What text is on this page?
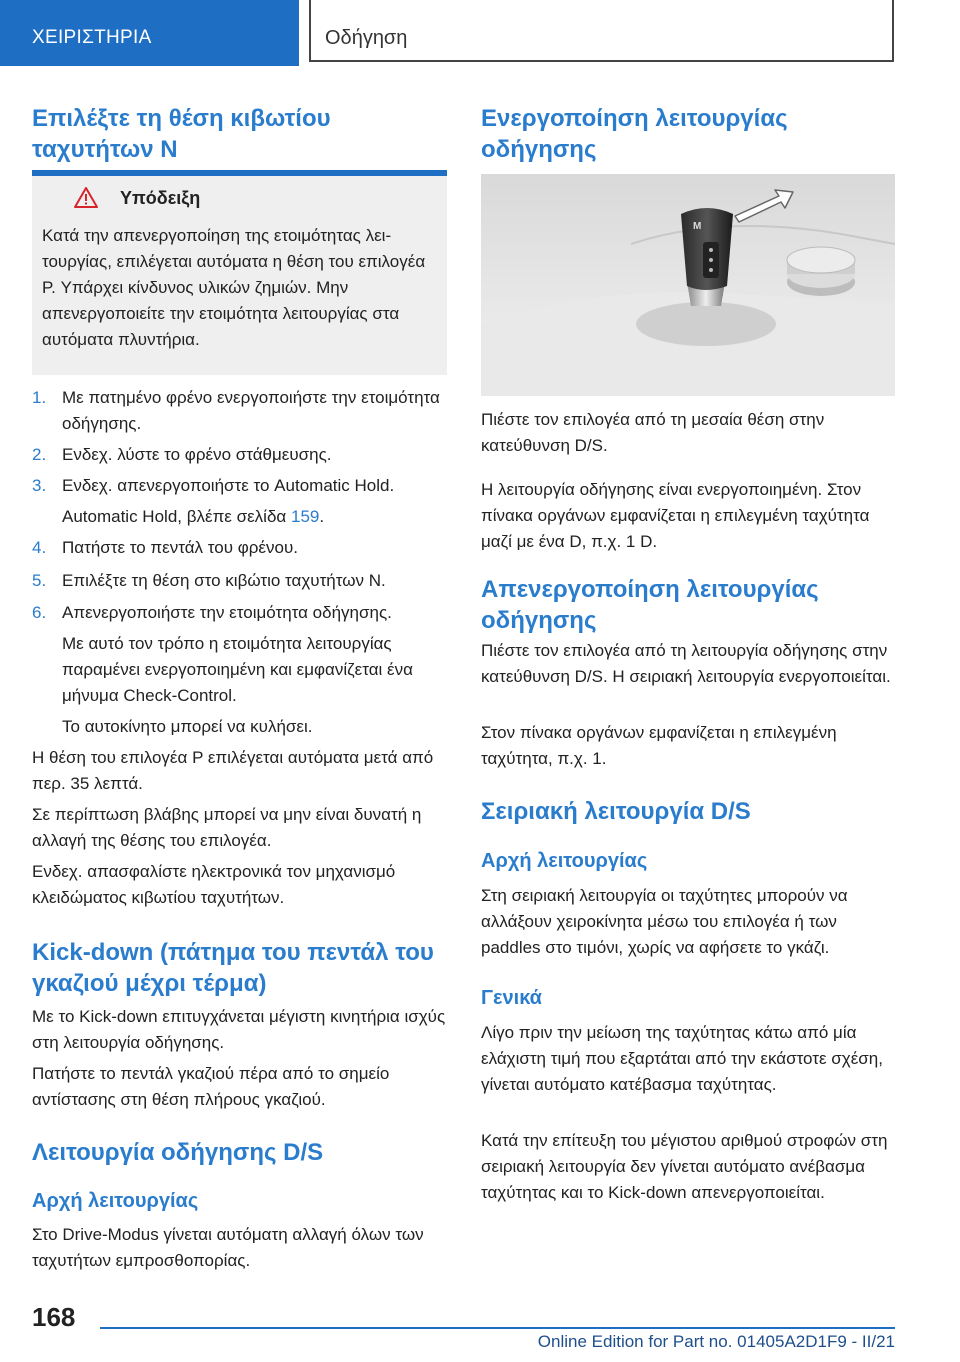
ΧΕΙΡΙΣΤΗΡΙΑ	Οδήγηση
Επιλέξτε τη θέση κιβωτίου ταχυτήτων N
Υπόδειξη
Κατά την απενεργοποίηση της ετοιμότητας λειτουργίας, επιλέγεται αυτόματα η θέση του επιλογέα P. Υπάρχει κίνδυνος υλικών ζημιών. Μην απενεργοποιείτε την ετοιμότητα λειτουργίας στα αυτόματα πλυντήρια.
1. Με πατημένο φρένο ενεργοποιήστε την ετοιμότητα οδήγησης.
2. Ενδεχ. λύστε το φρένο στάθμευσης.
3. Ενδεχ. απενεργοποιήστε το Automatic Hold.
Automatic Hold, βλέπε σελίδα 159.
4. Πατήστε το πεντάλ του φρένου.
5. Επιλέξτε τη θέση στο κιβώτιο ταχυτήτων N.
6. Απενεργοποιήστε την ετοιμότητα οδήγησης.
Με αυτό τον τρόπο η ετοιμότητα λειτουργίας παραμένει ενεργοποιημένη και εμφανίζεται ένα μήνυμα Check-Control.
Το αυτοκίνητο μπορεί να κυλήσει.
Η θέση του επιλογέα P επιλέγεται αυτόματα μετά από περ. 35 λεπτά.
Σε περίπτωση βλάβης μπορεί να μην είναι δυνατή η αλλαγή της θέσης του επιλογέα.
Ενδεχ. απασφαλίστε ηλεκτρονικά τον μηχανισμό κλειδώματος κιβωτίου ταχυτήτων.
Kick-down (πάτημα του πεντάλ του γκαζιού μέχρι τέρμα)
Με το Kick-down επιτυγχάνεται μέγιστη κινητήρια ισχύς στη λειτουργία οδήγησης.
Πατήστε το πεντάλ γκαζιού πέρα από το σημείο αντίστασης στη θέση πλήρους γκαζιού.
Λειτουργία οδήγησης D/S
Αρχή λειτουργίας
Στο Drive-Modus γίνεται αυτόματη αλλαγή όλων των ταχυτήτων εμπροσθοπορίας.
Ενεργοποίηση λειτουργίας οδήγησης
M
Πιέστε τον επιλογέα από τη μεσαία θέση στην κατεύθυνση D/S.
Η λειτουργία οδήγησης είναι ενεργοποιημένη. Στον πίνακα οργάνων εμφανίζεται η επιλεγμένη ταχύτητα μαζί με ένα D, π.χ. 1 D.
Απενεργοποίηση λειτουργίας οδήγησης
Πιέστε τον επιλογέα από τη λειτουργία οδήγησης στην κατεύθυνση D/S. Η σειριακή λειτουργία ενεργοποιείται.
Στον πίνακα οργάνων εμφανίζεται η επιλεγμένη ταχύτητα, π.χ. 1.
Σειριακή λειτουργία D/S
Αρχή λειτουργίας
Στη σειριακή λειτουργία οι ταχύτητες μπορούν να αλλάξουν χειροκίνητα μέσω του επιλογέα ή των paddles στο τιμόνι, χωρίς να αφήσετε το γκάζι.
Γενικά
Λίγο πριν την μείωση της ταχύτητας κάτω από μία ελάχιστη τιμή που εξαρτάται από την εκάστοτε σχέση, γίνεται αυτόματο κατέβασμα ταχύτητας.
Κατά την επίτευξη του μέγιστου αριθμού στροφών στη σειριακή λειτουργία δεν γίνεται αυτόματο ανέβασμα ταχύτητας και το Kick-down απενεργοποιείται.
168
Online Edition for Part no. 01405A2D1F9 - II/21
